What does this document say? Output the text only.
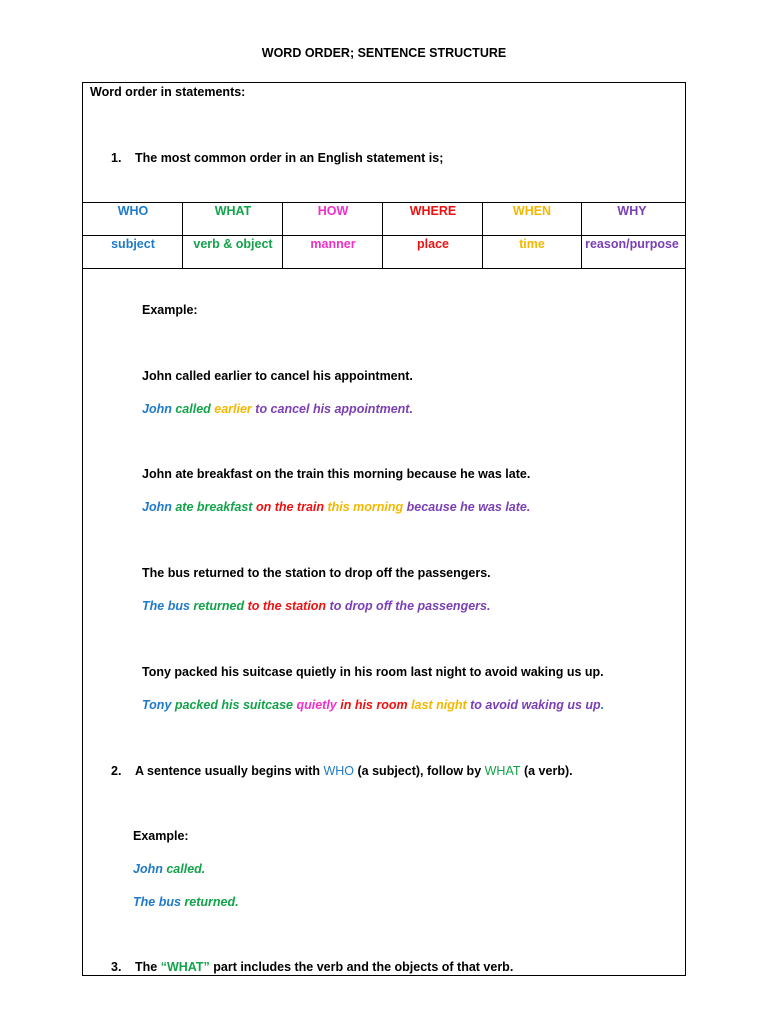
WORD ORDER; SENTENCE STRUCTURE
Word order in statements:
1. The most common order in an English statement is;
WHO	WHAT	HOW	WHERE	WHEN	WHY
subject	verb & object	manner	place	time	reason/purpose
Example:
John called earlier to cancel his appointment.
John called earlier to cancel his appointment.
John ate breakfast on the train this morning because he was late.
John ate breakfast on the train this morning because he was late.
The bus returned to the station to drop off the passengers.
The bus returned to the station to drop off the passengers.
Tony packed his suitcase quietly in his room last night to avoid waking us up.
Tony packed his suitcase quietly in his room last night to avoid waking us up.
2. A sentence usually begins with WHO (a subject), follow by WHAT (a verb).
Example:
John called.
The bus returned.
3. The “WHAT” part includes the verb and the objects of that verb.
